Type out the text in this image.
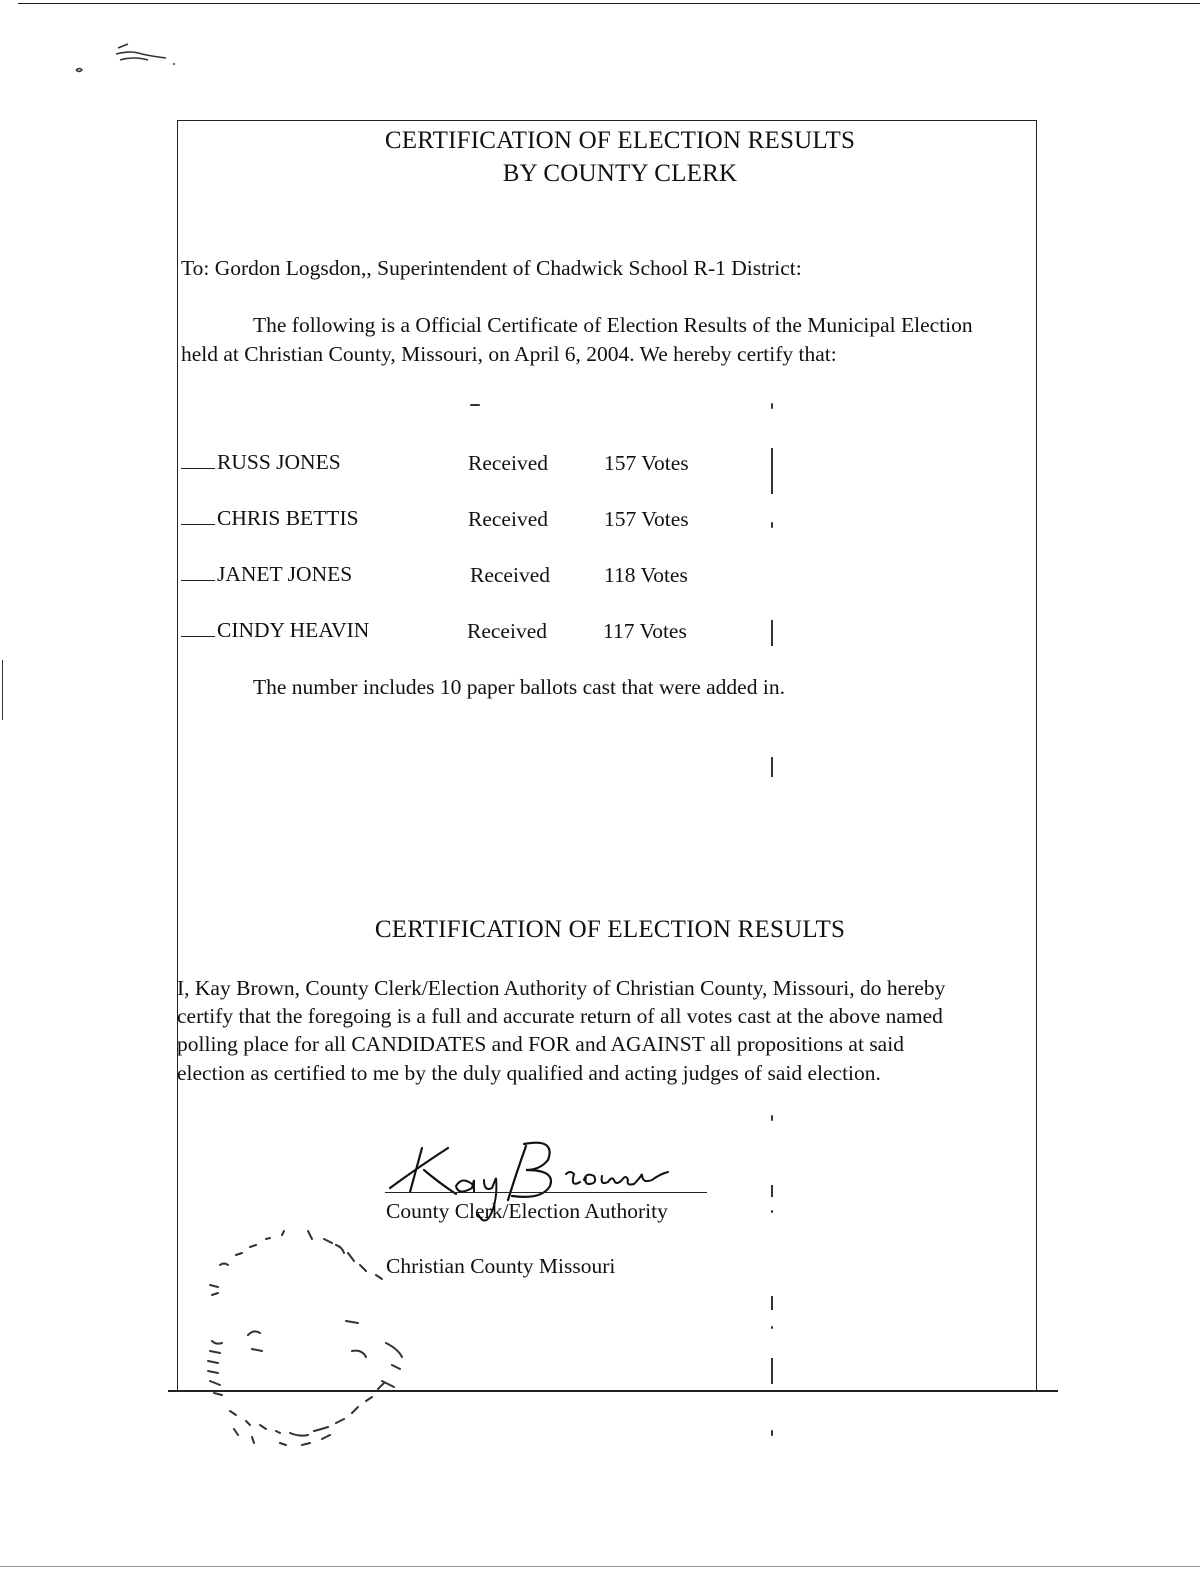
CERTIFICATION OF ELECTION RESULTS
BY COUNTY CLERK
To: Gordon Logsdon,, Superintendent of Chadwick School R-1 District:
The following is a Official Certificate of Election Results of the Municipal Election
held at Christian County, Missouri, on April 6, 2004. We hereby certify that:
RUSS JONES	Received	157 Votes
CHRIS BETTIS	Received	157 Votes
JANET JONES	Received	118 Votes
CINDY HEAVIN	Received	117 Votes
The number includes 10 paper ballots cast that were added in.
CERTIFICATION OF ELECTION RESULTS
I, Kay Brown, County Clerk/Election Authority of Christian County, Missouri, do hereby
certify that the foregoing is a full and accurate return of all votes cast at the above named
polling place for all CANDIDATES and FOR and AGAINST all propositions at said
election as certified to me by the duly qualified and acting judges of said election.
County Clerk/Election Authority
Christian County Missouri
